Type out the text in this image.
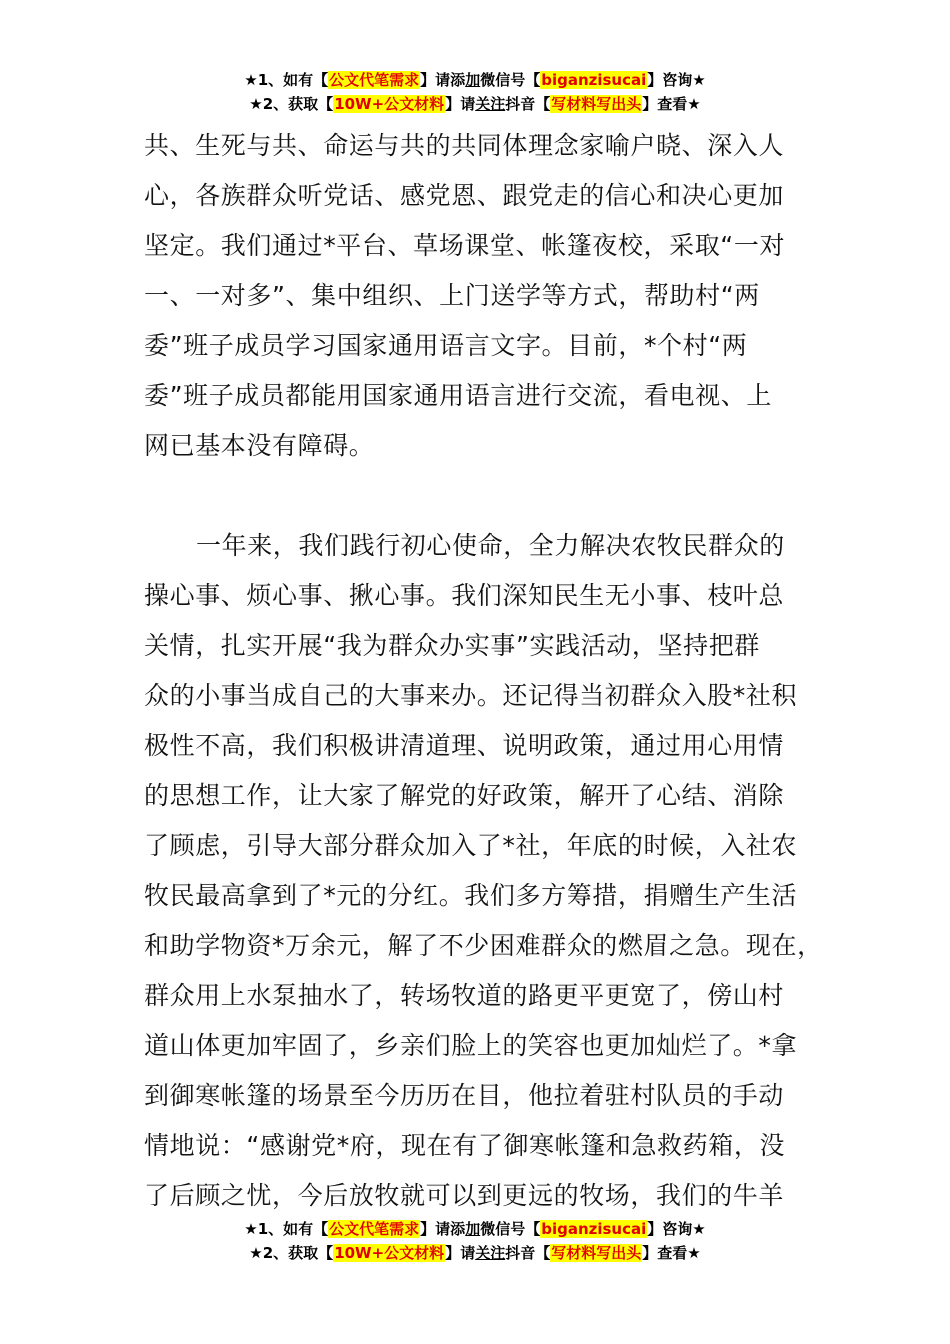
★1、如有【公文代笔需求】请添加微信号【biganzisucai】咨询★
★2、获取【10W+公文材料】请关注抖音【写材料写出头】查看★
共、生死与共、命运与共的共同体理念家喻户晓、深入人
心，各族群众听党话、感党恩、跟党走的信心和决心更加
坚定。我们通过*平台、草场课堂、帐篷夜校，采取“一对
一、一对多”、集中组织、上门送学等方式，帮助村“两
委”班子成员学习国家通用语言文字。目前，*个村“两
委”班子成员都能用国家通用语言进行交流，看电视、上
网已基本没有障碍。
一年来，我们践行初心使命，全力解决农牧民群众的
操心事、烦心事、揪心事。我们深知民生无小事、枝叶总
关情，扎实开展“我为群众办实事”实践活动，坚持把群
众的小事当成自己的大事来办。还记得当初群众入股*社积
极性不高，我们积极讲清道理、说明政策，通过用心用情
的思想工作，让大家了解党的好政策，解开了心结、消除
了顾虑，引导大部分群众加入了*社，年底的时候，入社农
牧民最高拿到了*元的分红。我们多方筹措，捐赠生产生活
和助学物资*万余元，解了不少困难群众的燃眉之急。现在，
群众用上水泵抽水了，转场牧道的路更平更宽了，傍山村
道山体更加牢固了，乡亲们脸上的笑容也更加灿烂了。*拿
到御寒帐篷的场景至今历历在目，他拉着驻村队员的手动
情地说：“感谢党*府，现在有了御寒帐篷和急救药箱，没
了后顾之忧，今后放牧就可以到更远的牧场，我们的牛羊
★1、如有【公文代笔需求】请添加微信号【biganzisucai】咨询★
★2、获取【10W+公文材料】请关注抖音【写材料写出头】查看★
